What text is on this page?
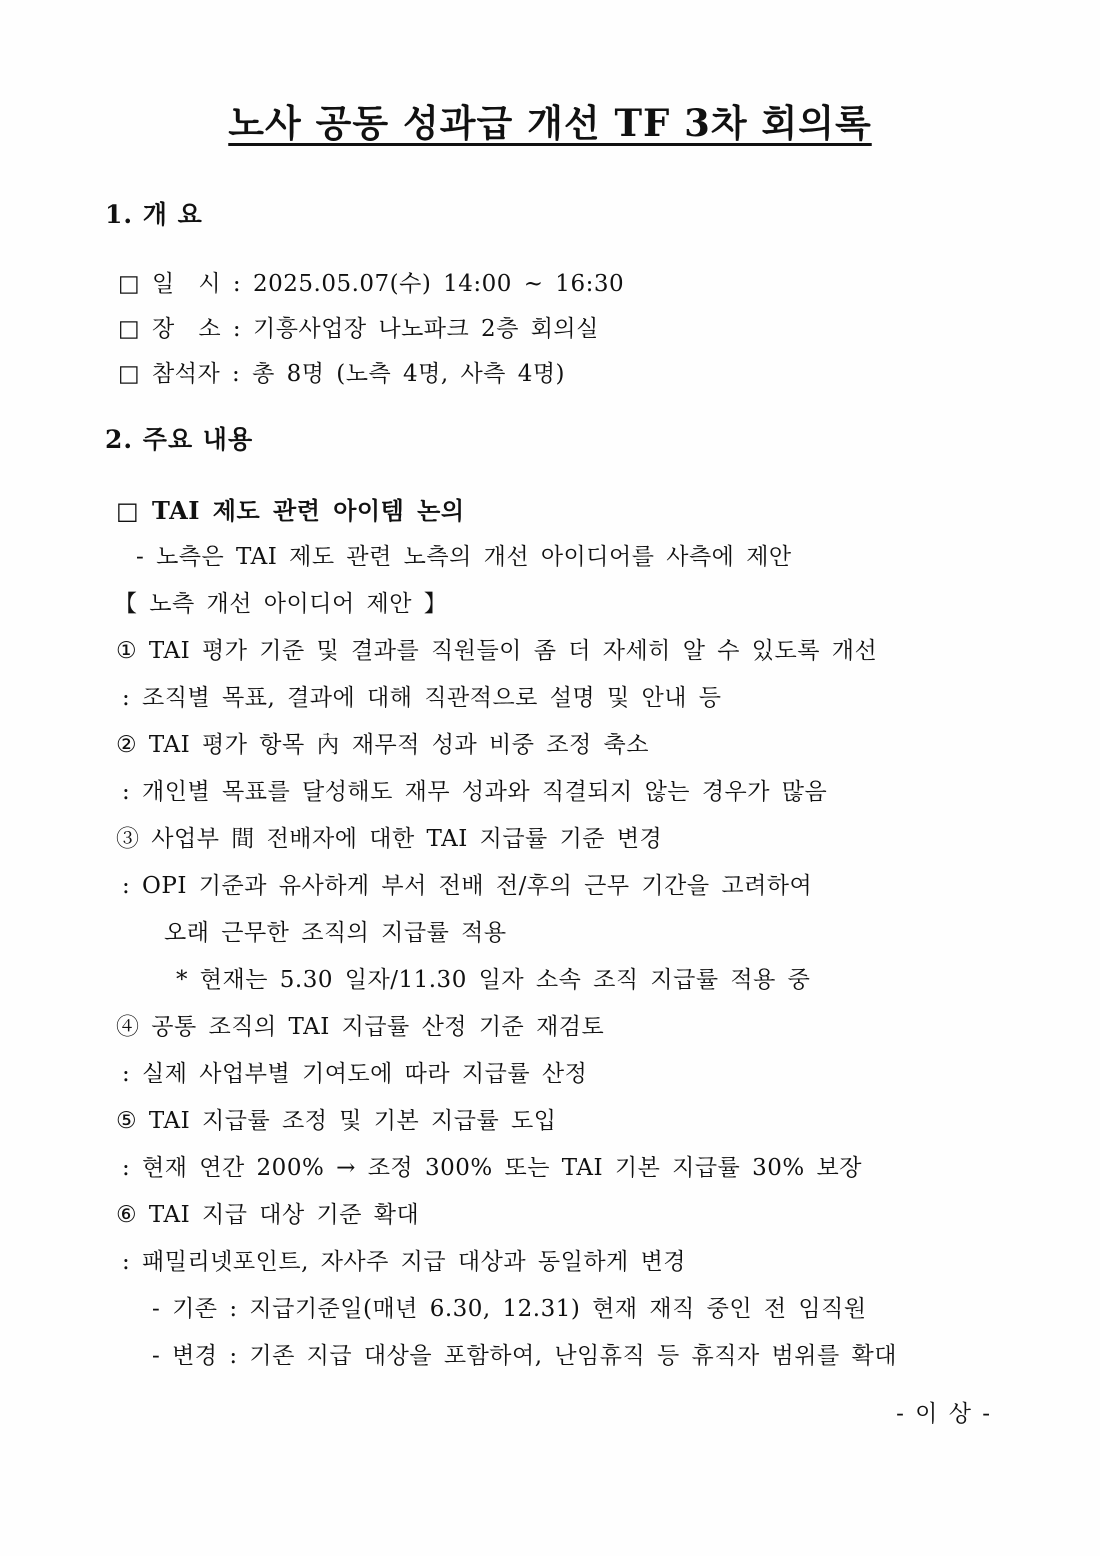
노사 공동 성과급 개선 TF 3차 회의록
1. 개 요

□ 일  시 : 2025.05.07(수) 14:00 ~ 16:30

□ 장  소 : 기흥사업장 나노파크 2층 회의실

□ 참석자 : 총 8명 (노측 4명, 사측 4명)

2. 주요 내용

□ TAI 제도 관련 아이템 논의

- 노측은 TAI 제도 관련 노측의 개선 아이디어를 사측에 제안

【 노측 개선 아이디어 제안 】

① TAI 평가 기준 및 결과를 직원들이 좀 더 자세히 알 수 있도록 개선

: 조직별 목표, 결과에 대해 직관적으로 설명 및 안내 등

② TAI 평가 항목 內 재무적 성과 비중 조정 축소

: 개인별 목표를 달성해도 재무 성과와 직결되지 않는 경우가 많음

③ 사업부 間 전배자에 대한 TAI 지급률 기준 변경

: OPI 기준과 유사하게 부서 전배 전/후의 근무 기간을 고려하여

오래 근무한 조직의 지급률 적용

* 현재는 5.30 일자/11.30 일자 소속 조직 지급률 적용 중

④ 공통 조직의 TAI 지급률 산정 기준 재검토

: 실제 사업부별 기여도에 따라 지급률 산정

⑤ TAI 지급률 조정 및 기본 지급률 도입

: 현재 연간 200% → 조정 300% 또는 TAI 기본 지급률 30% 보장

⑥ TAI 지급 대상 기준 확대

: 패밀리넷포인트, 자사주 지급 대상과 동일하게 변경

- 기존 : 지급기준일(매년 6.30, 12.31) 현재 재직 중인 전 임직원

- 변경 : 기존 지급 대상을 포함하여, 난임휴직 등 휴직자 범위를 확대

- 이 상 -
